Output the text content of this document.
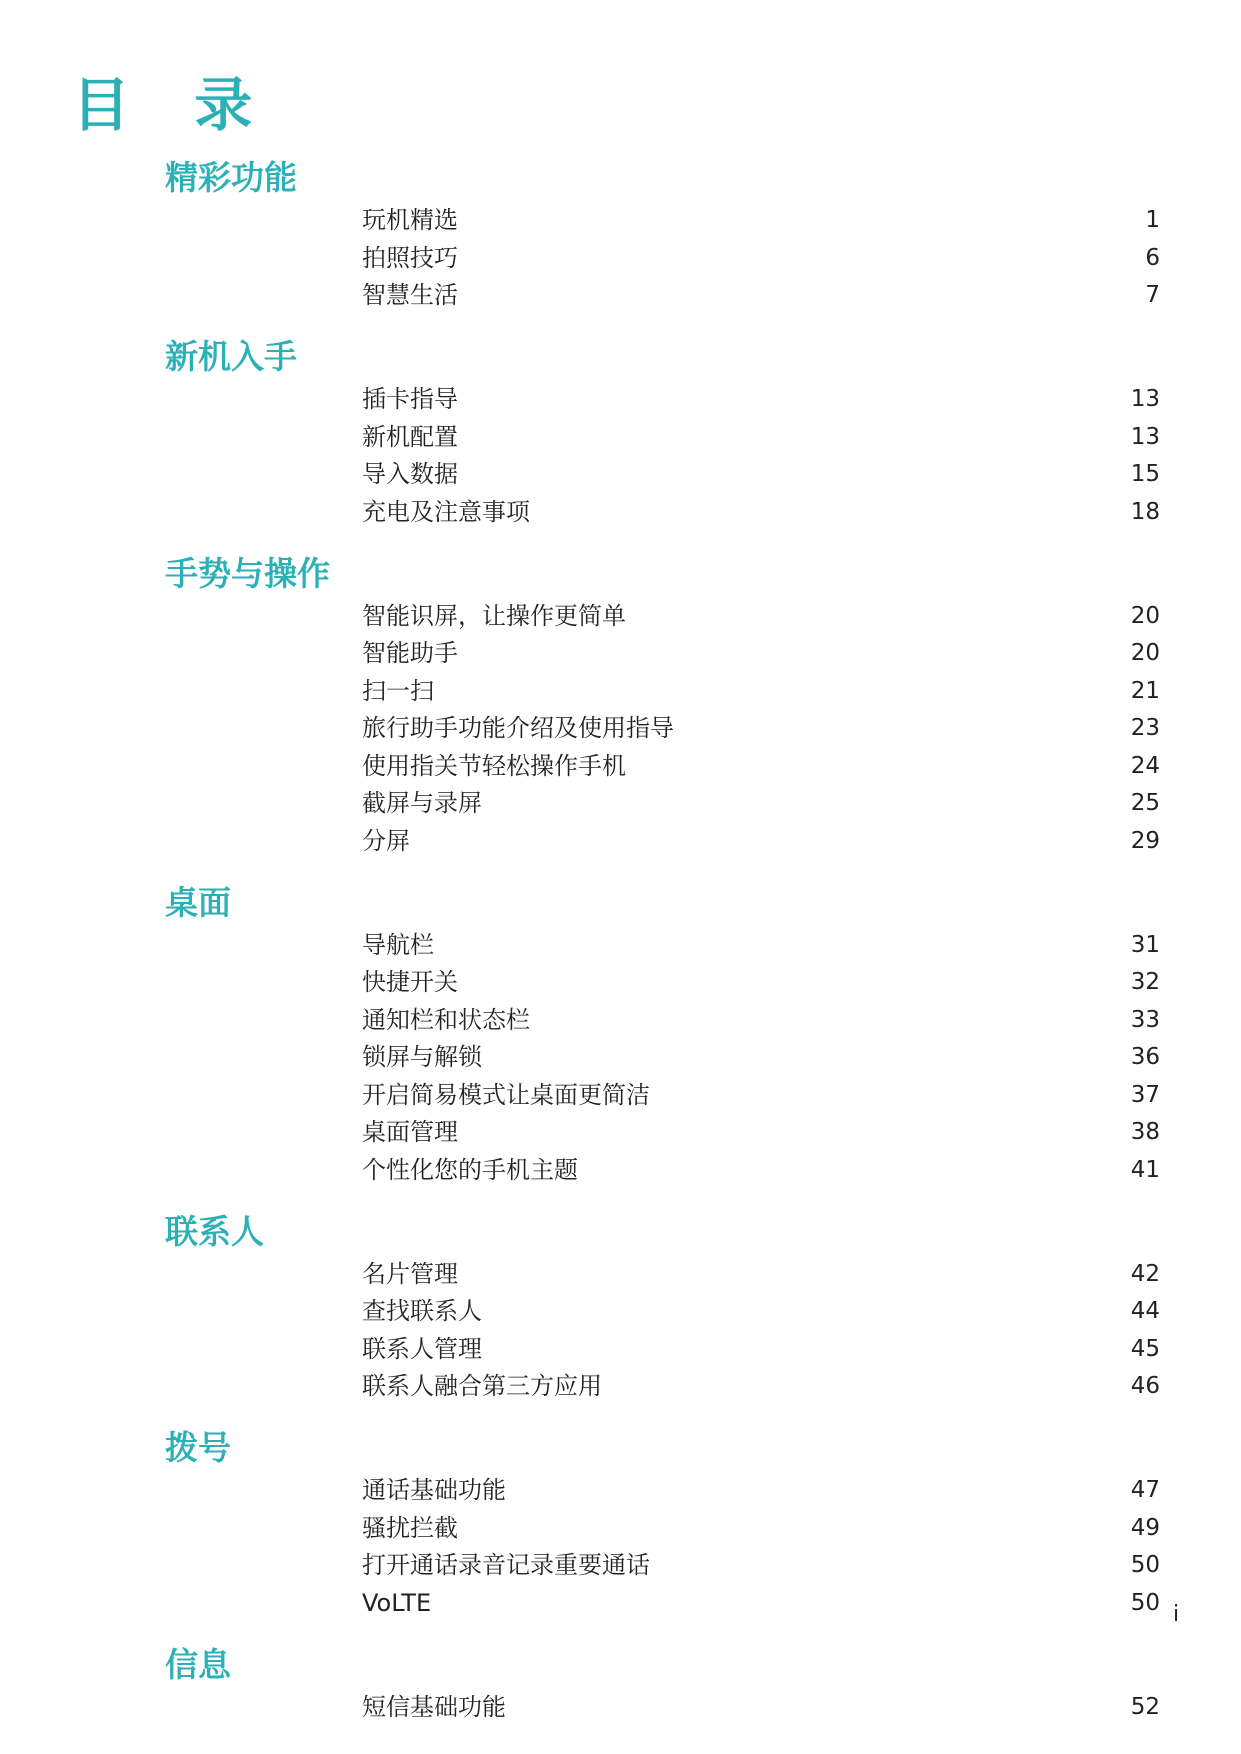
目 录
精彩功能
玩机精选	1
拍照技巧	6
智慧生活	7
新机入手
插卡指导	13
新机配置	13
导入数据	15
充电及注意事项	18
手势与操作
智能识屏，让操作更简单	20
智能助手	20
扫一扫	21
旅行助手功能介绍及使用指导	23
使用指关节轻松操作手机	24
截屏与录屏	25
分屏	29
桌面
导航栏	31
快捷开关	32
通知栏和状态栏	33
锁屏与解锁	36
开启简易模式让桌面更简洁	37
桌面管理	38
个性化您的手机主题	41
联系人
名片管理	42
查找联系人	44
联系人管理	45
联系人融合第三方应用	46
拨号
通话基础功能	47
骚扰拦截	49
打开通话录音记录重要通话	50
VoLTE	50
信息
短信基础功能	52
i
